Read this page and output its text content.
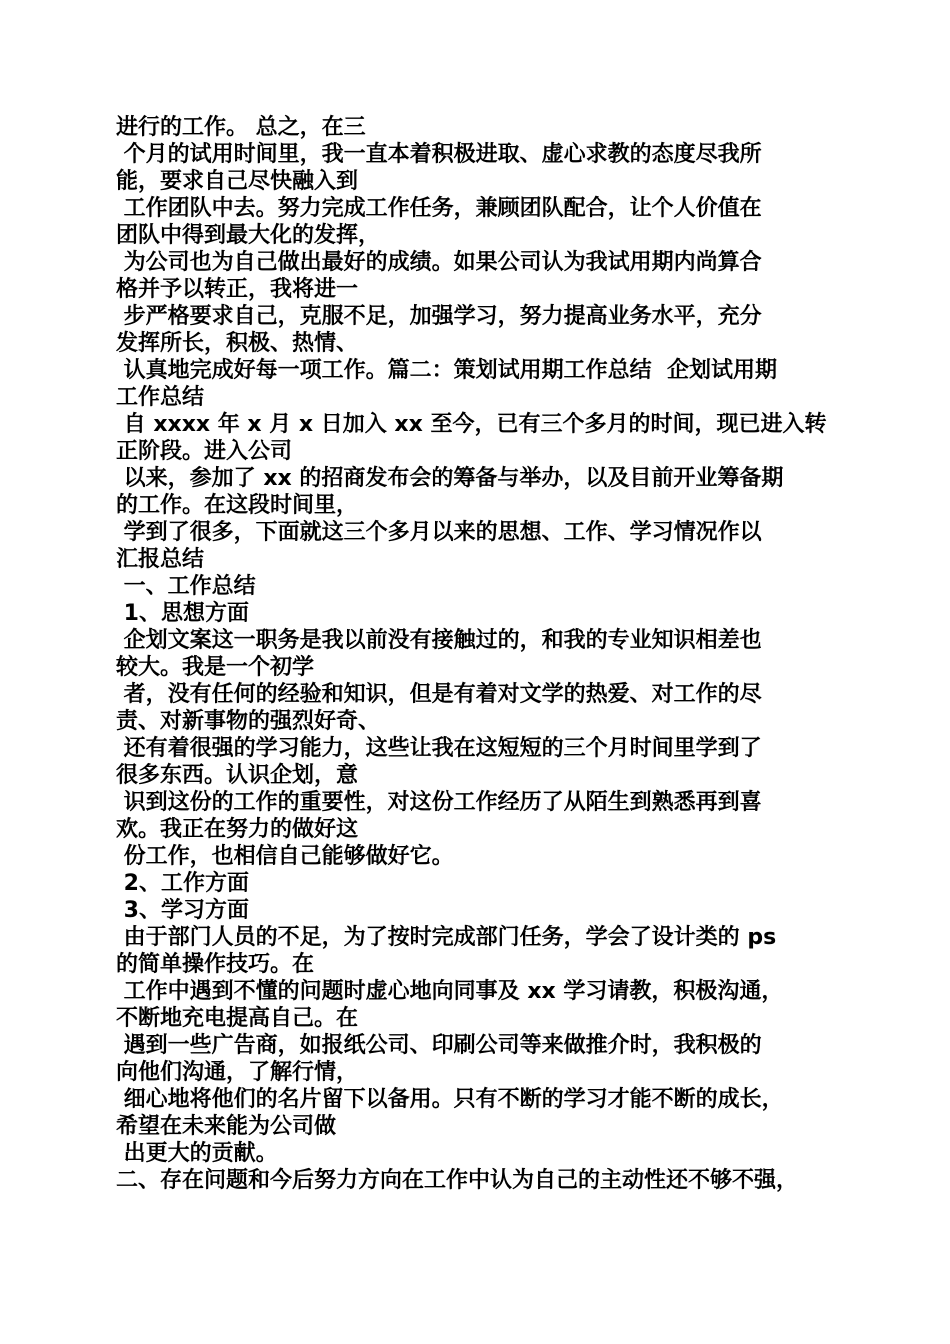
进行的工作。 总之，在三
个月的试用时间里，我一直本着积极进取、虚心求教的态度尽我所
能，要求自己尽快融入到
工作团队中去。努力完成工作任务，兼顾团队配合，让个人价值在
团队中得到最大化的发挥，
为公司也为自己做出最好的成绩。如果公司认为我试用期内尚算合
格并予以转正，我将进一
步严格要求自己，克服不足，加强学习，努力提高业务水平，充分
发挥所长，积极、热情、
认真地完成好每一项工作。篇二：策划试用期工作总结  企划试用期
工作总结
自 xxxx 年 x 月 x 日加入 xx 至今，已有三个多月的时间，现已进入转
正阶段。进入公司
以来，参加了 xx 的招商发布会的筹备与举办，以及目前开业筹备期
的工作。在这段时间里，
学到了很多，下面就这三个多月以来的思想、工作、学习情况作以
汇报总结
一、工作总结
1、思想方面
企划文案这一职务是我以前没有接触过的，和我的专业知识相差也
较大。我是一个初学
者，没有任何的经验和知识，但是有着对文学的热爱、对工作的尽
责、对新事物的强烈好奇、
还有着很强的学习能力，这些让我在这短短的三个月时间里学到了
很多东西。认识企划，意
识到这份的工作的重要性，对这份工作经历了从陌生到熟悉再到喜
欢。我正在努力的做好这
份工作，也相信自己能够做好它。
2、工作方面
3、学习方面
由于部门人员的不足，为了按时完成部门任务，学会了设计类的 ps
的简单操作技巧。在
工作中遇到不懂的问题时虚心地向同事及 xx 学习请教，积极沟通，
不断地充电提高自己。在
遇到一些广告商，如报纸公司、印刷公司等来做推介时，我积极的
向他们沟通，了解行情，
细心地将他们的名片留下以备用。只有不断的学习才能不断的成长，
希望在未来能为公司做
出更大的贡献。
二、存在问题和今后努力方向在工作中认为自己的主动性还不够不强，
